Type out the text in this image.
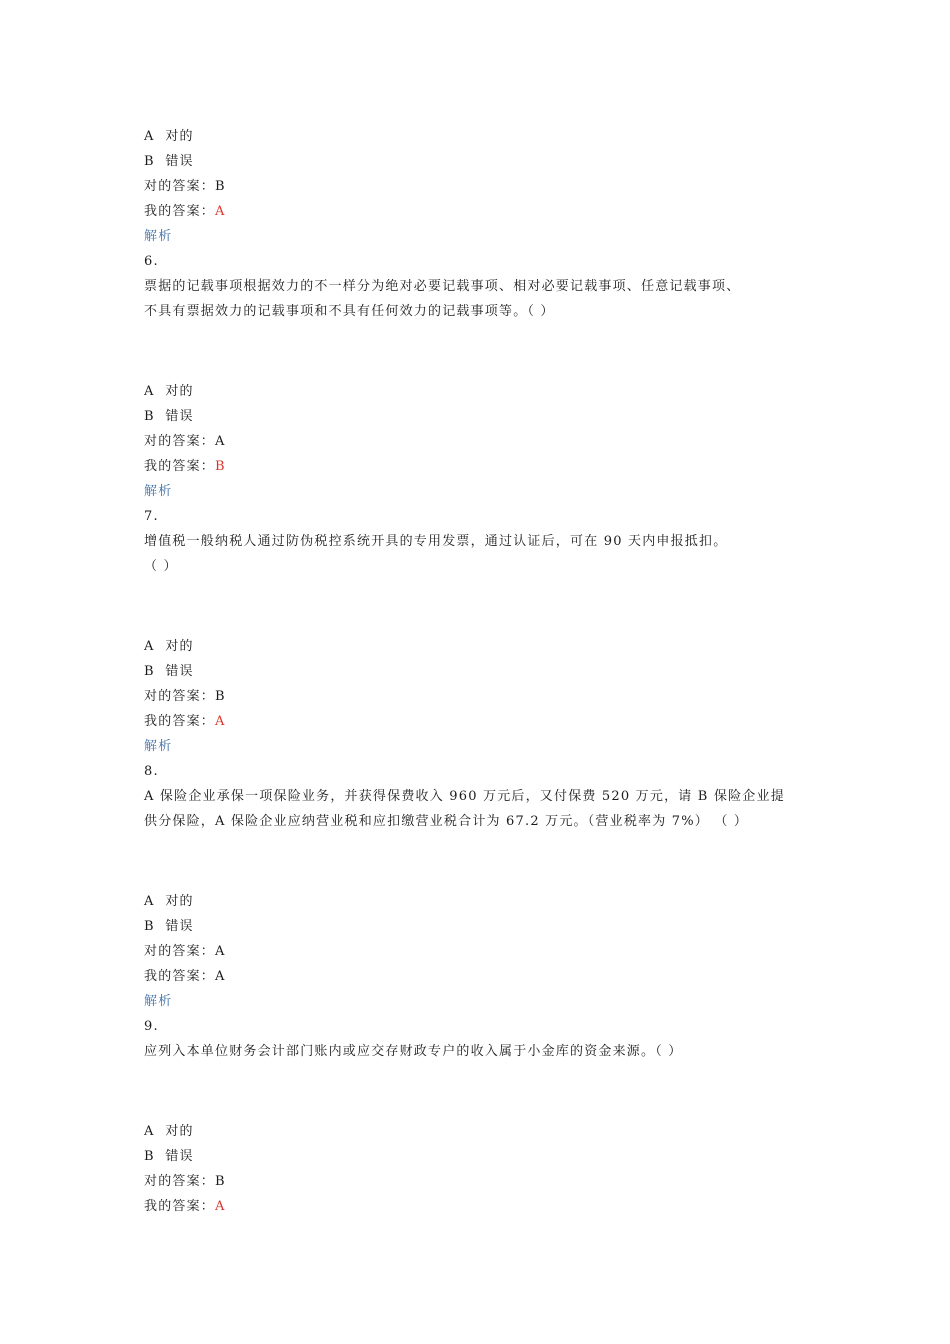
A 对的
B 错误
对的答案：B
我的答案：A
解析
6.
票据的记载事项根据效力的不一样分为绝对必要记载事项、相对必要记载事项、任意记载事项、
不具有票据效力的记载事项和不具有任何效力的记载事项等。（ ）
A 对的
B 错误
对的答案：A
我的答案：B
解析
7.
增值税一般纳税人通过防伪税控系统开具的专用发票，通过认证后，可在 90 天内申报抵扣。
（ ）
A 对的
B 错误
对的答案：B
我的答案：A
解析
8.
A 保险企业承保一项保险业务，并获得保费收入 960 万元后，又付保费 520 万元，请 B 保险企业提
供分保险，A 保险企业应纳营业税和应扣缴营业税合计为 67.2 万元。（营业税率为 7%） （ ）
A 对的
B 错误
对的答案：A
我的答案：A
解析
9.
应列入本单位财务会计部门账内或应交存财政专户的收入属于小金库的资金来源。（ ）
A 对的
B 错误
对的答案：B
我的答案：A
